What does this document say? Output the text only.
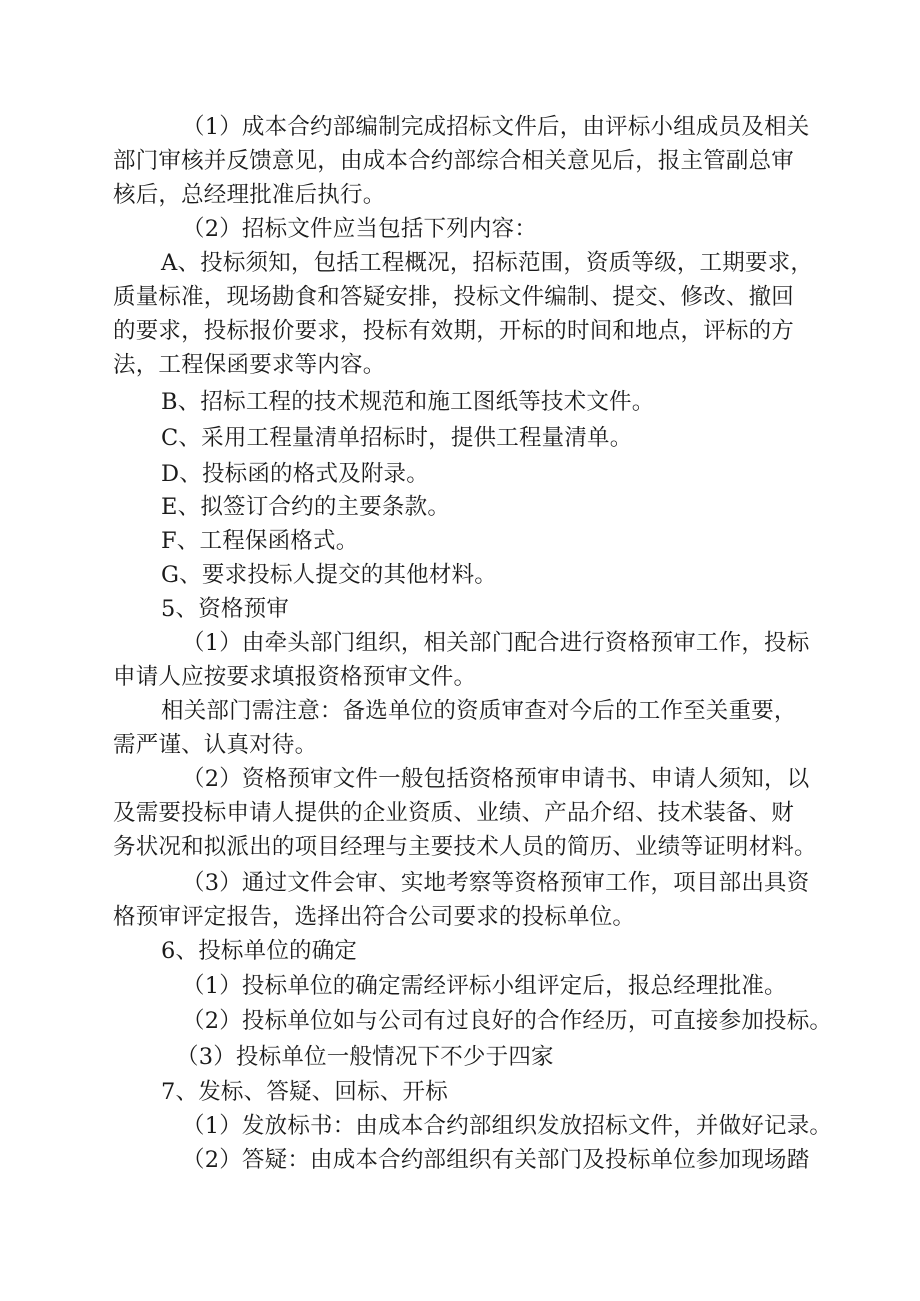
（1）成本合约部编制完成招标文件后，由评标小组成员及相关
部门审核并反馈意见，由成本合约部综合相关意见后，报主管副总审
核后，总经理批准后执行。
（2）招标文件应当包括下列内容：
A、投标须知，包括工程概况，招标范围，资质等级，工期要求，
质量标准，现场勘食和答疑安排，投标文件编制、提交、修改、撤回
的要求，投标报价要求，投标有效期，开标的时间和地点，评标的方
法，工程保函要求等内容。
B、招标工程的技术规范和施工图纸等技术文件。
C、采用工程量清单招标时，提供工程量清单。
D、投标函的格式及附录。
E、拟签订合约的主要条款。
F、工程保函格式。
G、要求投标人提交的其他材料。
5、资格预审
（1）由牵头部门组织，相关部门配合进行资格预审工作，投标
申请人应按要求填报资格预审文件。
相关部门需注意：备选单位的资质审查对今后的工作至关重要，
需严谨、认真对待。
（2）资格预审文件一般包括资格预审申请书、申请人须知，以
及需要投标申请人提供的企业资质、业绩、产品介绍、技术装备、财
务状况和拟派出的项目经理与主要技术人员的简历、业绩等证明材料。
（3）通过文件会审、实地考察等资格预审工作，项目部出具资
格预审评定报告，选择出符合公司要求的投标单位。
6、投标单位的确定
（1）投标单位的确定需经评标小组评定后，报总经理批准。
（2）投标单位如与公司有过良好的合作经历，可直接参加投标。
（3）投标单位一般情况下不少于四家
7、发标、答疑、回标、开标
（1）发放标书：由成本合约部组织发放招标文件，并做好记录。
（2）答疑：由成本合约部组织有关部门及投标单位参加现场踏
